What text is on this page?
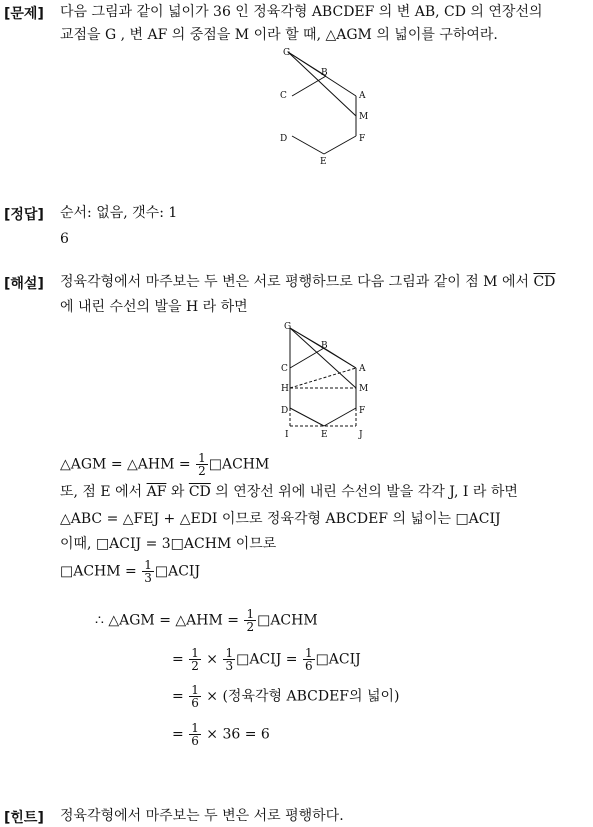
[문제] 다음 그림과 같이 넓이가 36 인 정육각형 ABCDEF 의 변 AB, CD 의 연장선의
교점을 G , 변 AF 의 중점을 M 이라 할 때, △AGM 의 넓이를 구하여라.
G
B
C	A
M
D	F
E
[정답] 순서: 없음, 갯수: 1
6
[해설] 정육각형에서 마주보는 두 변은 서로 평행하므로 다음 그림과 같이 점 M 에서 $\overline{CD}$
에 내린 수선의 발을 H 라 하면
G
B
C	A
H	M
D	F
I	E	J
△AGM = △AHM = $\frac{1}{2}$ □ACHM
또, 점 E 에서 $\overline{AF}$ 와 $\overline{CD}$ 의 연장선 위에 내린 수선의 발을 각각 J, I 라 하면
△ABC = △FEJ + △EDI 이므로 정육각형 ABCDEF 의 넓이는 □ACIJ
이때, □ACIJ = 3□ACHM 이므로
□ACHM = $\frac{1}{3}$ □ACIJ
∴ △AGM = △AHM = $\frac{1}{2}$ □ACHM
= $\frac{1}{2} \times \frac{1}{3}$ □ACIJ = $\frac{1}{6}$ □ACIJ
= $\frac{1}{6}$ × (정육각형 ABCDEF의 넓이)
= $\frac{1}{6} \times 36 = 6$
[힌트] 정육각형에서 마주보는 두 변은 서로 평행하다.
